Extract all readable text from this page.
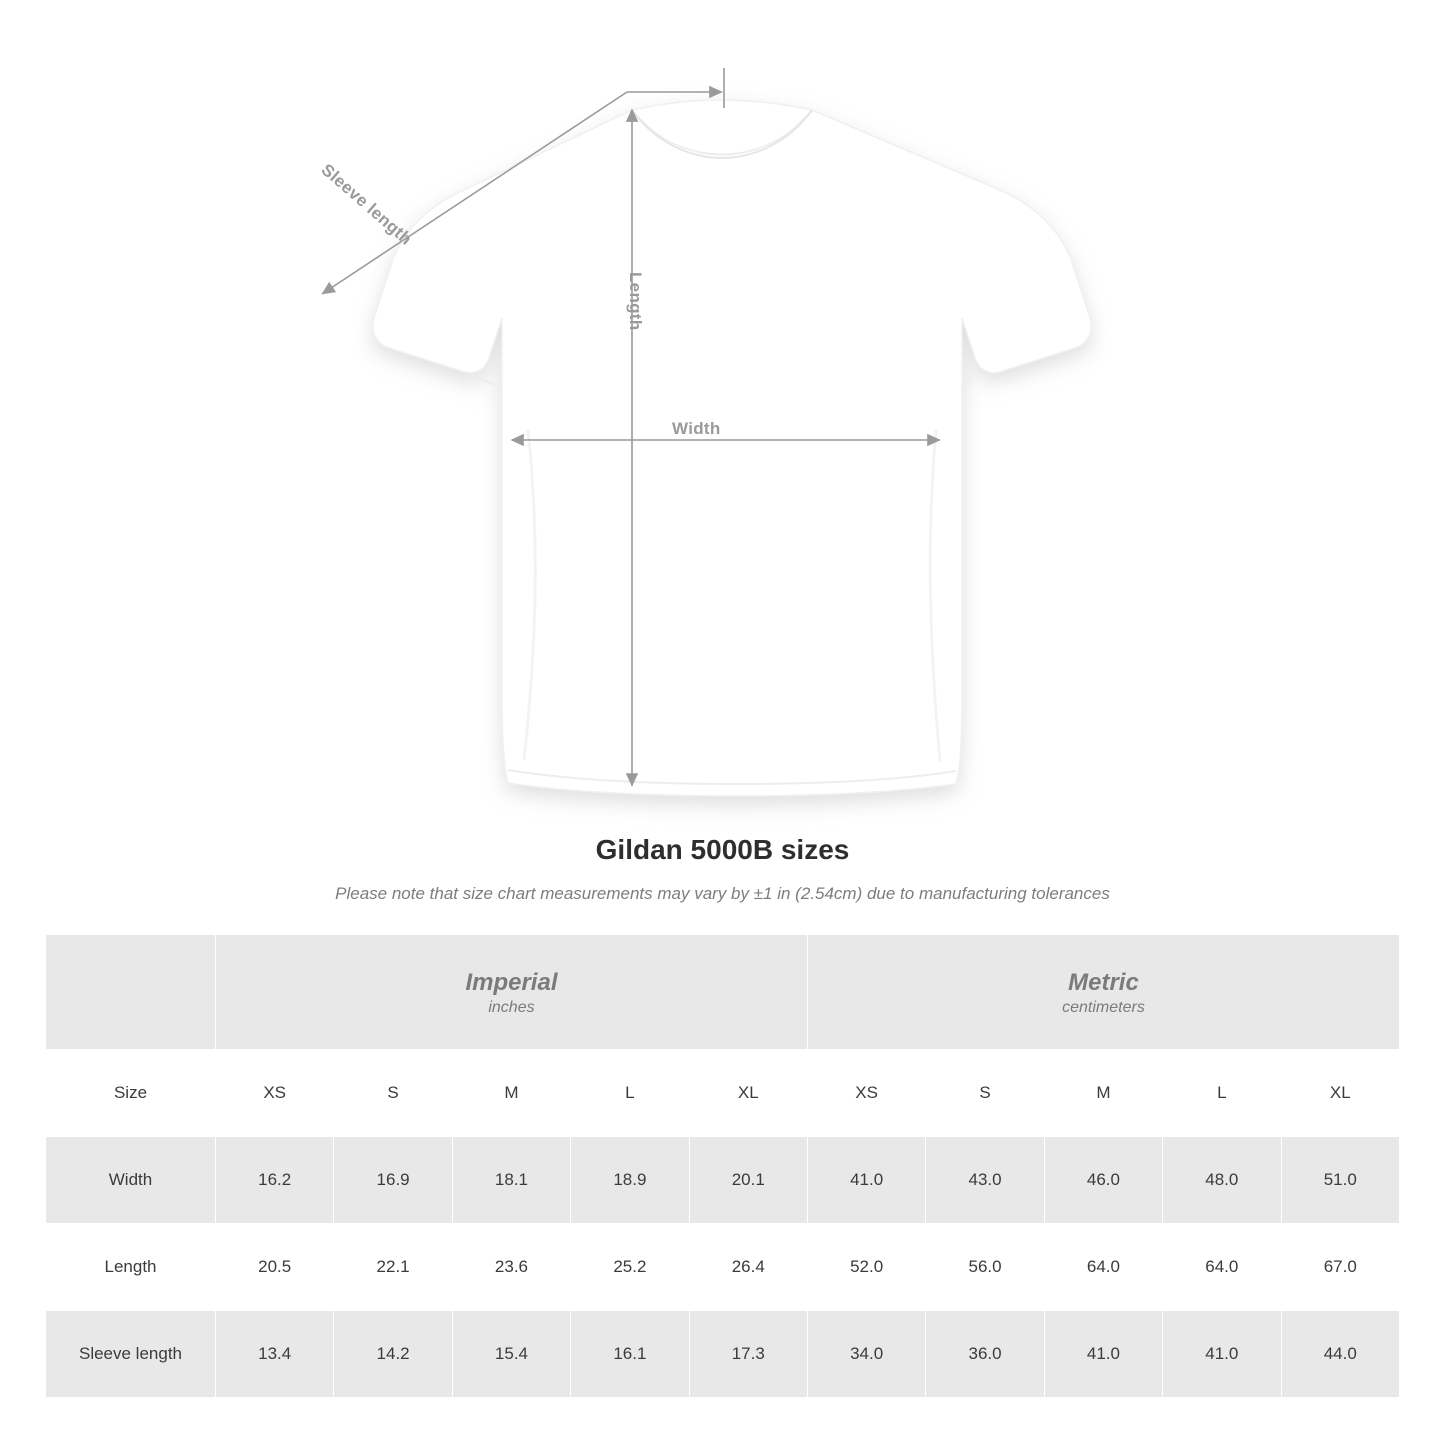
Width
Length
Sleeve length
Gildan 5000B sizes

Please note that size chart measurements may vary by ±1 in (2.54cm) due to manufacturing tolerances

Imperial
inches

Metric
centimeters

Size	XS	S	M	L	XL	XS	S	M	L	XL
Width	16.2	16.9	18.1	18.9	20.1	41.0	43.0	46.0	48.0	51.0
Length	20.5	22.1	23.6	25.2	26.4	52.0	56.0	64.0	64.0	67.0
Sleeve length	13.4	14.2	15.4	16.1	17.3	34.0	36.0	41.0	41.0	44.0
